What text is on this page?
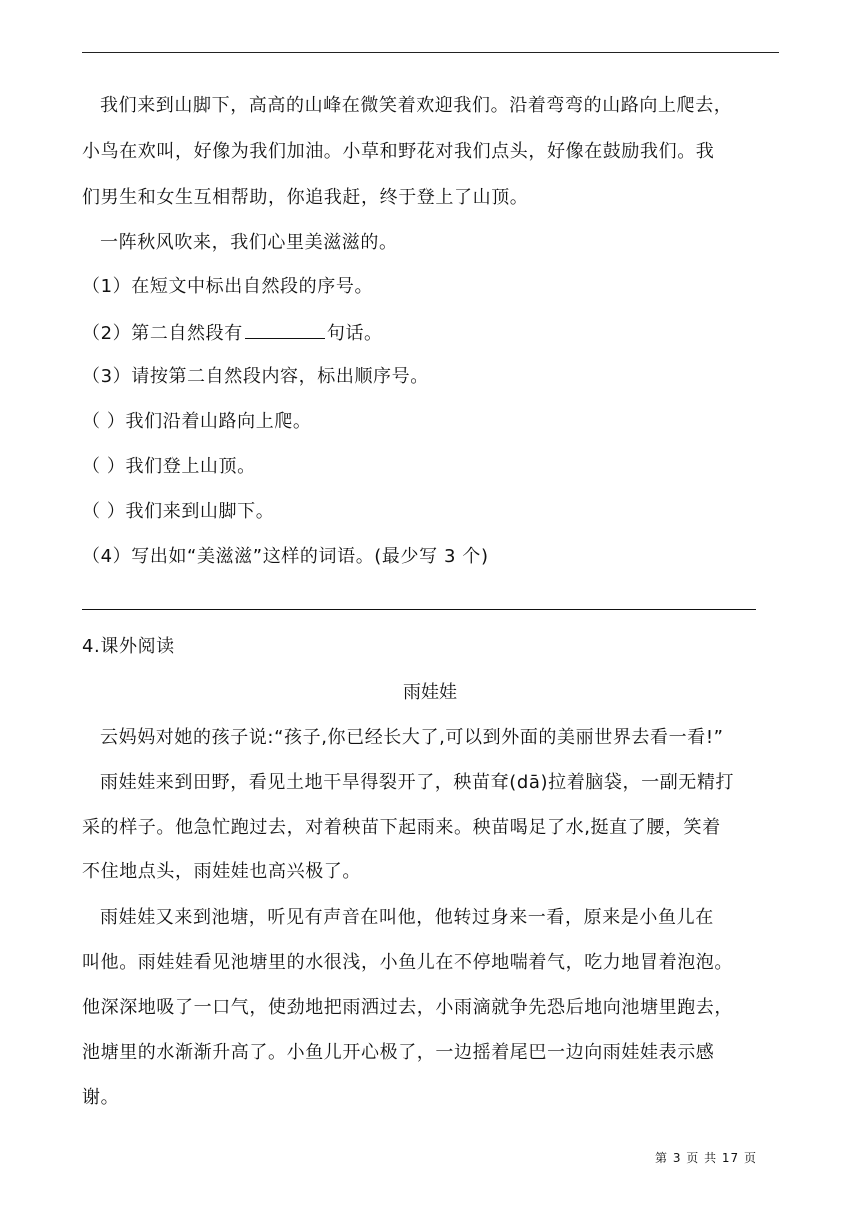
我们来到山脚下，高高的山峰在微笑着欢迎我们。沿着弯弯的山路向上爬去，
小鸟在欢叫，好像为我们加油。小草和野花对我们点头，好像在鼓励我们。我
们男生和女生互相帮助，你追我赶，终于登上了山顶。
一阵秋风吹来，我们心里美滋滋的。
（1）在短文中标出自然段的序号。
（2）第二自然段有	句话。
（3）请按第二自然段内容，标出顺序号。
（ ）我们沿着山路向上爬。
（ ）我们登上山顶。
（ ）我们来到山脚下。
（4）写出如“美滋滋”这样的词语。(最少写 3 个)
4.课外阅读
雨娃娃
云妈妈对她的孩子说:“孩子,你已经长大了,可以到外面的美丽世界去看一看!”
雨娃娃来到田野，看见土地干旱得裂开了，秧苗耷(dā)拉着脑袋，一副无精打
采的样子。他急忙跑过去，对着秧苗下起雨来。秧苗喝足了水,挺直了腰，笑着
不住地点头，雨娃娃也高兴极了。
雨娃娃又来到池塘，听见有声音在叫他，他转过身来一看，原来是小鱼儿在
叫他。雨娃娃看见池塘里的水很浅，小鱼儿在不停地喘着气，吃力地冒着泡泡。
他深深地吸了一口气，使劲地把雨洒过去，小雨滴就争先恐后地向池塘里跑去，
池塘里的水渐渐升高了。小鱼儿开心极了，一边摇着尾巴一边向雨娃娃表示感
谢。
第 3 页 共 17 页
